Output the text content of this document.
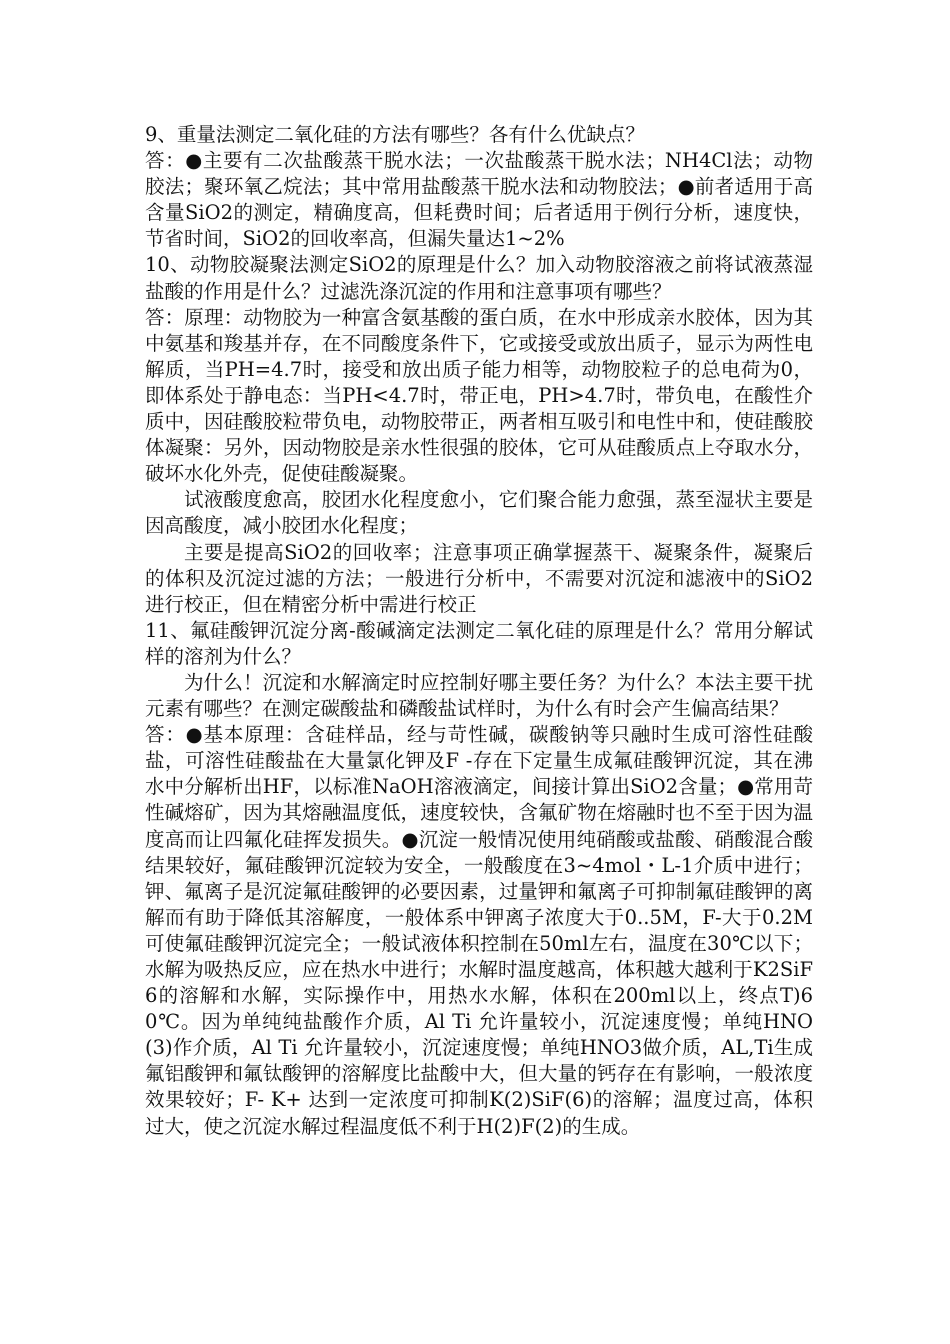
9、重量法测定二氧化硅的方法有哪些？各有什么优缺点？

答：●主要有二次盐酸蒸干脱水法；一次盐酸蒸干脱水法；NH4Cl法；动物胶法；聚环氧乙烷法；其中常用盐酸蒸干脱水法和动物胶法；●前者适用于高含量SiO2的测定，精确度高，但耗费时间；后者适用于例行分析，速度快，节省时间，SiO2的回收率高，但漏失量达1~2%

10、动物胶凝聚法测定SiO2的原理是什么？加入动物胶溶液之前将试液蒸湿盐酸的作用是什么？过滤洗涤沉淀的作用和注意事项有哪些？

答：原理：动物胶为一种富含氨基酸的蛋白质，在水中形成亲水胶体，因为其中氨基和羧基并存，在不同酸度条件下，它或接受或放出质子，显示为两性电解质，当PH=4.7时，接受和放出质子能力相等，动物胶粒子的总电荷为0，即体系处于静电态：当PH<4.7时，带正电，PH>4.7时，带负电，在酸性介质中，因硅酸胶粒带负电，动物胶带正，两者相互吸引和电性中和，使硅酸胶体凝聚：另外，因动物胶是亲水性很强的胶体，它可从硅酸质点上夺取水分，破坏水化外壳，促使硅酸凝聚。

试液酸度愈高，胶团水化程度愈小，它们聚合能力愈强，蒸至湿状主要是因高酸度，减小胶团水化程度；

主要是提高SiO2的回收率；注意事项正确掌握蒸干、凝聚条件，凝聚后的体积及沉淀过滤的方法；一般进行分析中，不需要对沉淀和滤液中的SiO2进行校正，但在精密分析中需进行校正

11、氟硅酸钾沉淀分离-酸碱滴定法测定二氧化硅的原理是什么？常用分解试样的溶剂为什么？

为什么！沉淀和水解滴定时应控制好哪主要任务？为什么？本法主要干扰元素有哪些？在测定碳酸盐和磷酸盐试样时，为什么有时会产生偏高结果？

答：●基本原理：含硅样品，经与苛性碱，碳酸钠等只融时生成可溶性硅酸盐，可溶性硅酸盐在大量氯化钾及F -存在下定量生成氟硅酸钾沉淀，其在沸水中分解析出HF，以标准NaOH溶液滴定，间接计算出SiO2含量；●常用苛性碱熔矿，因为其熔融温度低，速度较快，含氟矿物在熔融时也不至于因为温度高而让四氟化硅挥发损失。●沉淀一般情况使用纯硝酸或盐酸、硝酸混合酸结果较好，氟硅酸钾沉淀较为安全，一般酸度在3~4mol・L-1介质中进行；钾、氟离子是沉淀氟硅酸钾的必要因素，过量钾和氟离子可抑制氟硅酸钾的离解而有助于降低其溶解度，一般体系中钾离子浓度大于0..5M，F-大于0.2M可使氟硅酸钾沉淀完全；一般试液体积控制在50ml左右，温度在30℃以下；水解为吸热反应，应在热水中进行；水解时温度越高，体积越大越利于K2SiF6的溶解和水解，实际操作中，用热水水解，体积在200ml以上，终点T)60℃。因为单纯纯盐酸作介质，Al Ti 允许量较小，沉淀速度慢；单纯HNO(3)作介质，Al Ti 允许量较小，沉淀速度慢；单纯HNO3做介质，AL,Ti生成氟铝酸钾和氟钛酸钾的溶解度比盐酸中大，但大量的钙存在有影响，一般浓度效果较好；F- K+ 达到一定浓度可抑制K(2)SiF(6)的溶解；温度过高，体积过大，使之沉淀水解过程温度低不利于H(2)F(2)的生成。
